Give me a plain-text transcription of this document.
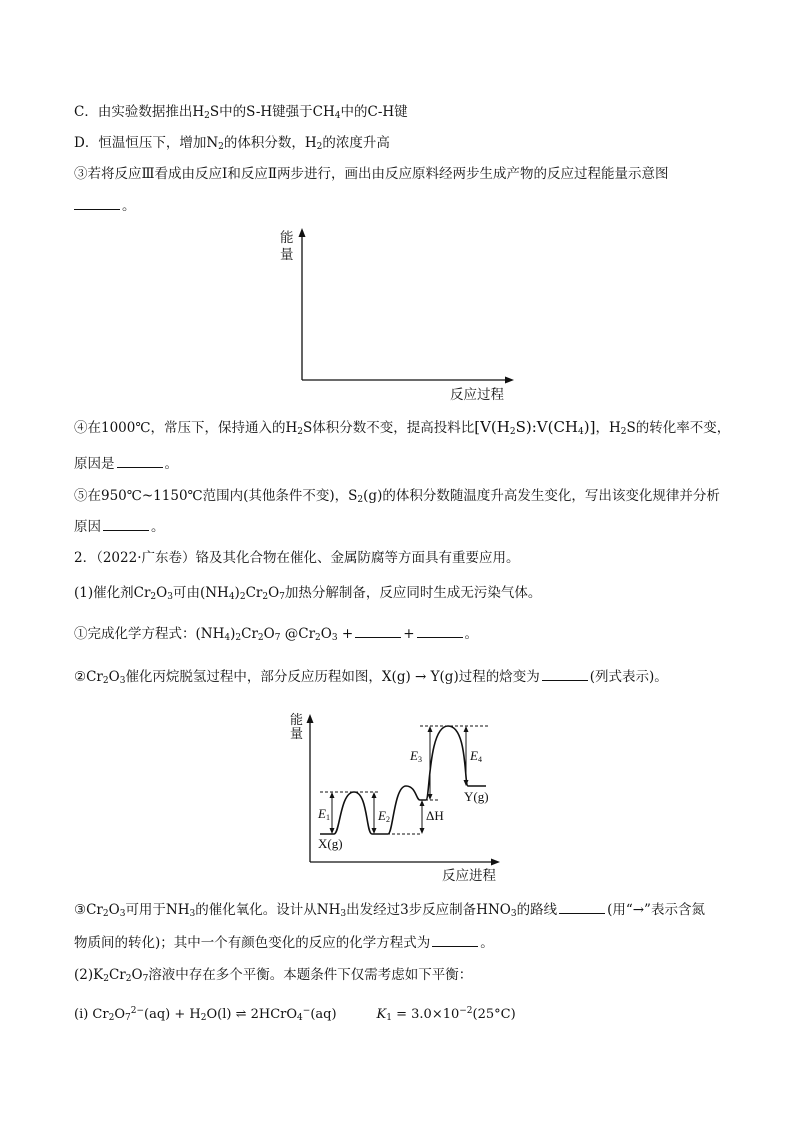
C．由实验数据推出$H_2S$中的S-H键强于$CH_4$中的C-H键
D．恒温恒压下，增加$N_2$的体积分数，$H_2$的浓度升高
③若将反应Ⅲ看成由反应Ⅰ和反应Ⅱ两步进行，画出由反应原料经两步生成产物的反应过程能量示意图
。
能
量
反应过程
④在1000℃，常压下，保持通入的$H_2S$体积分数不变，提高投料比$[V(H_2S):V(CH_4)]$，$H_2S$的转化率不变，
原因是	。
⑤在950℃~1150℃范围内(其他条件不变)，$S_2(g)$的体积分数随温度升高发生变化，写出该变化规律并分析
原因	。
2．（2022·广东卷）铬及其化合物在催化、金属防腐等方面具有重要应用。
(1)催化剂$Cr_2O_3$可由$(NH_4)_2Cr_2O_7$加热分解制备，反应同时生成无污染气体。
①完成化学方程式：$(NH_4)_2Cr_2O_7$ $@Cr_2O_3$ +	+	。
$②Cr_2O_3$催化丙烷脱氢过程中，部分反应历程如图，X(g) → Y(g)过程的焓变为	(列式表示)。
能量
反应进程
X(g)
Y(g)
$E_1$	$E_2$
$E_3$	$E_4$
ΔH
$③Cr_2O_3$可用于$NH_3$的催化氧化。设计从$NH_3$出发经过3步反应制备$HNO_3$的路线	(用“→”表示含氮
物质间的转化)；其中一个有颜色变化的反应的化学方程式为	。
$(2)K_2Cr_2O_7$溶液中存在多个平衡。本题条件下仅需考虑如下平衡：
(ⅰ) $Cr_2O_7^{2-}(aq) + H_2O(l)$ ⇌ 2HCrO$_4$−(aq)	$K_1 = 3.0\times 10^{-2}(25^\circ C)$
